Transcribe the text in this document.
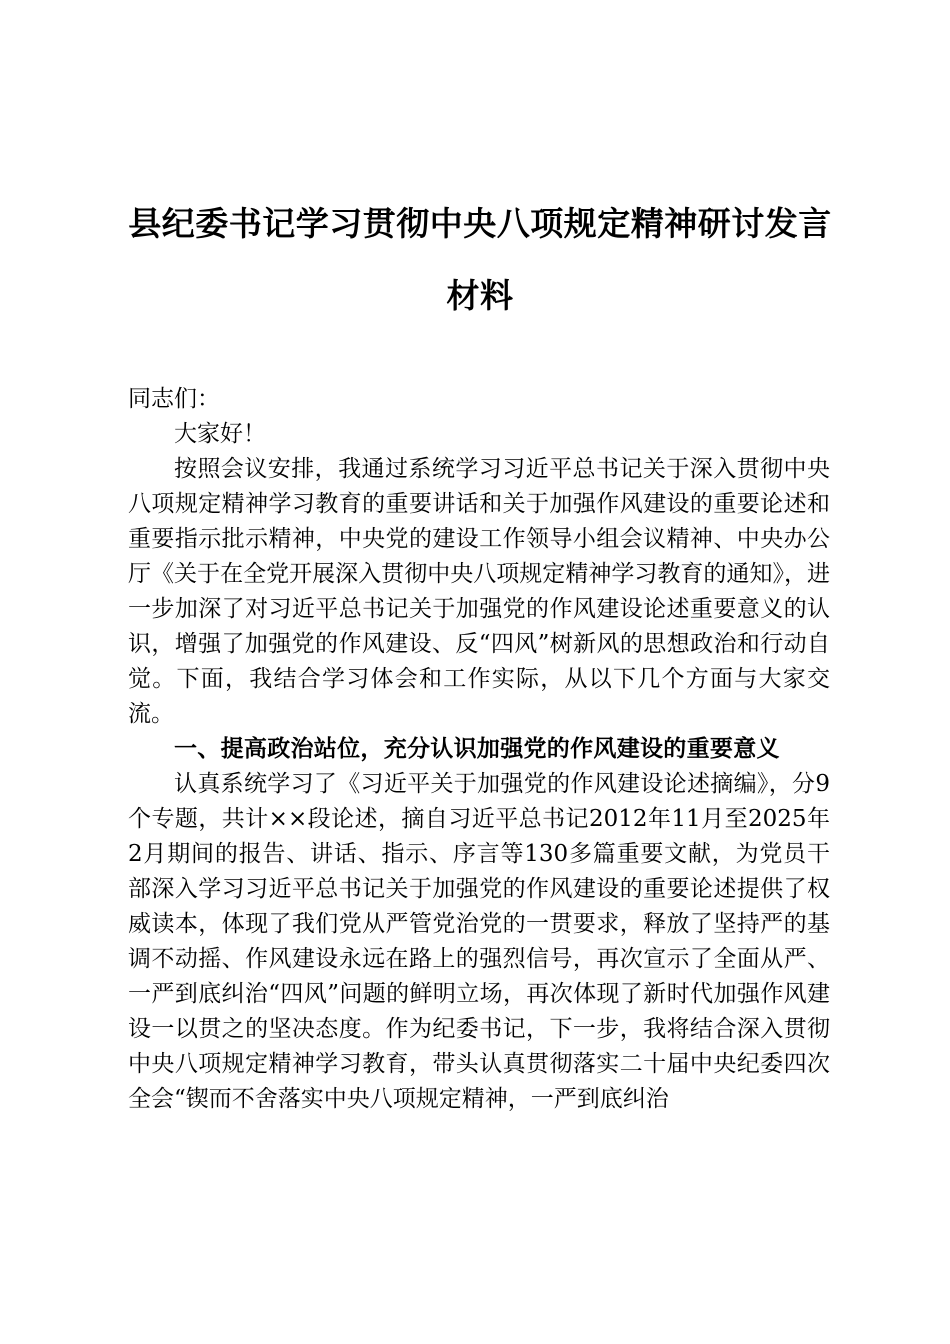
县纪委书记学习贯彻中央八项规定精神研讨发言材料

同志们：

大家好！

按照会议安排，我通过系统学习习近平总书记关于深入贯彻中央八项规定精神学习教育的重要讲话和关于加强作风建设的重要论述和重要指示批示精神，中央党的建设工作领导小组会议精神、中央办公厅《关于在全党开展深入贯彻中央八项规定精神学习教育的通知》，进一步加深了对习近平总书记关于加强党的作风建设论述重要意义的认识，增强了加强党的作风建设、反“四风”树新风的思想政治和行动自觉。下面，我结合学习体会和工作实际，从以下几个方面与大家交流。

一、提高政治站位，充分认识加强党的作风建设的重要意义

认真系统学习了《习近平关于加强党的作风建设论述摘编》，分9个专题，共计××段论述，摘自习近平总书记2012年11月至2025年2月期间的报告、讲话、指示、序言等130多篇重要文献，为党员干部深入学习习近平总书记关于加强党的作风建设的重要论述提供了权威读本，体现了我们党从严管党治党的一贯要求，释放了坚持严的基调不动摇、作风建设永远在路上的强烈信号，再次宣示了全面从严、一严到底纠治“四风”问题的鲜明立场，再次体现了新时代加强作风建设一以贯之的坚决态度。作为纪委书记，下一步，我将结合深入贯彻中央八项规定精神学习教育，带头认真贯彻落实二十届中央纪委四次全会“锲而不舍落实中央八项规定精神，一严到底纠治
